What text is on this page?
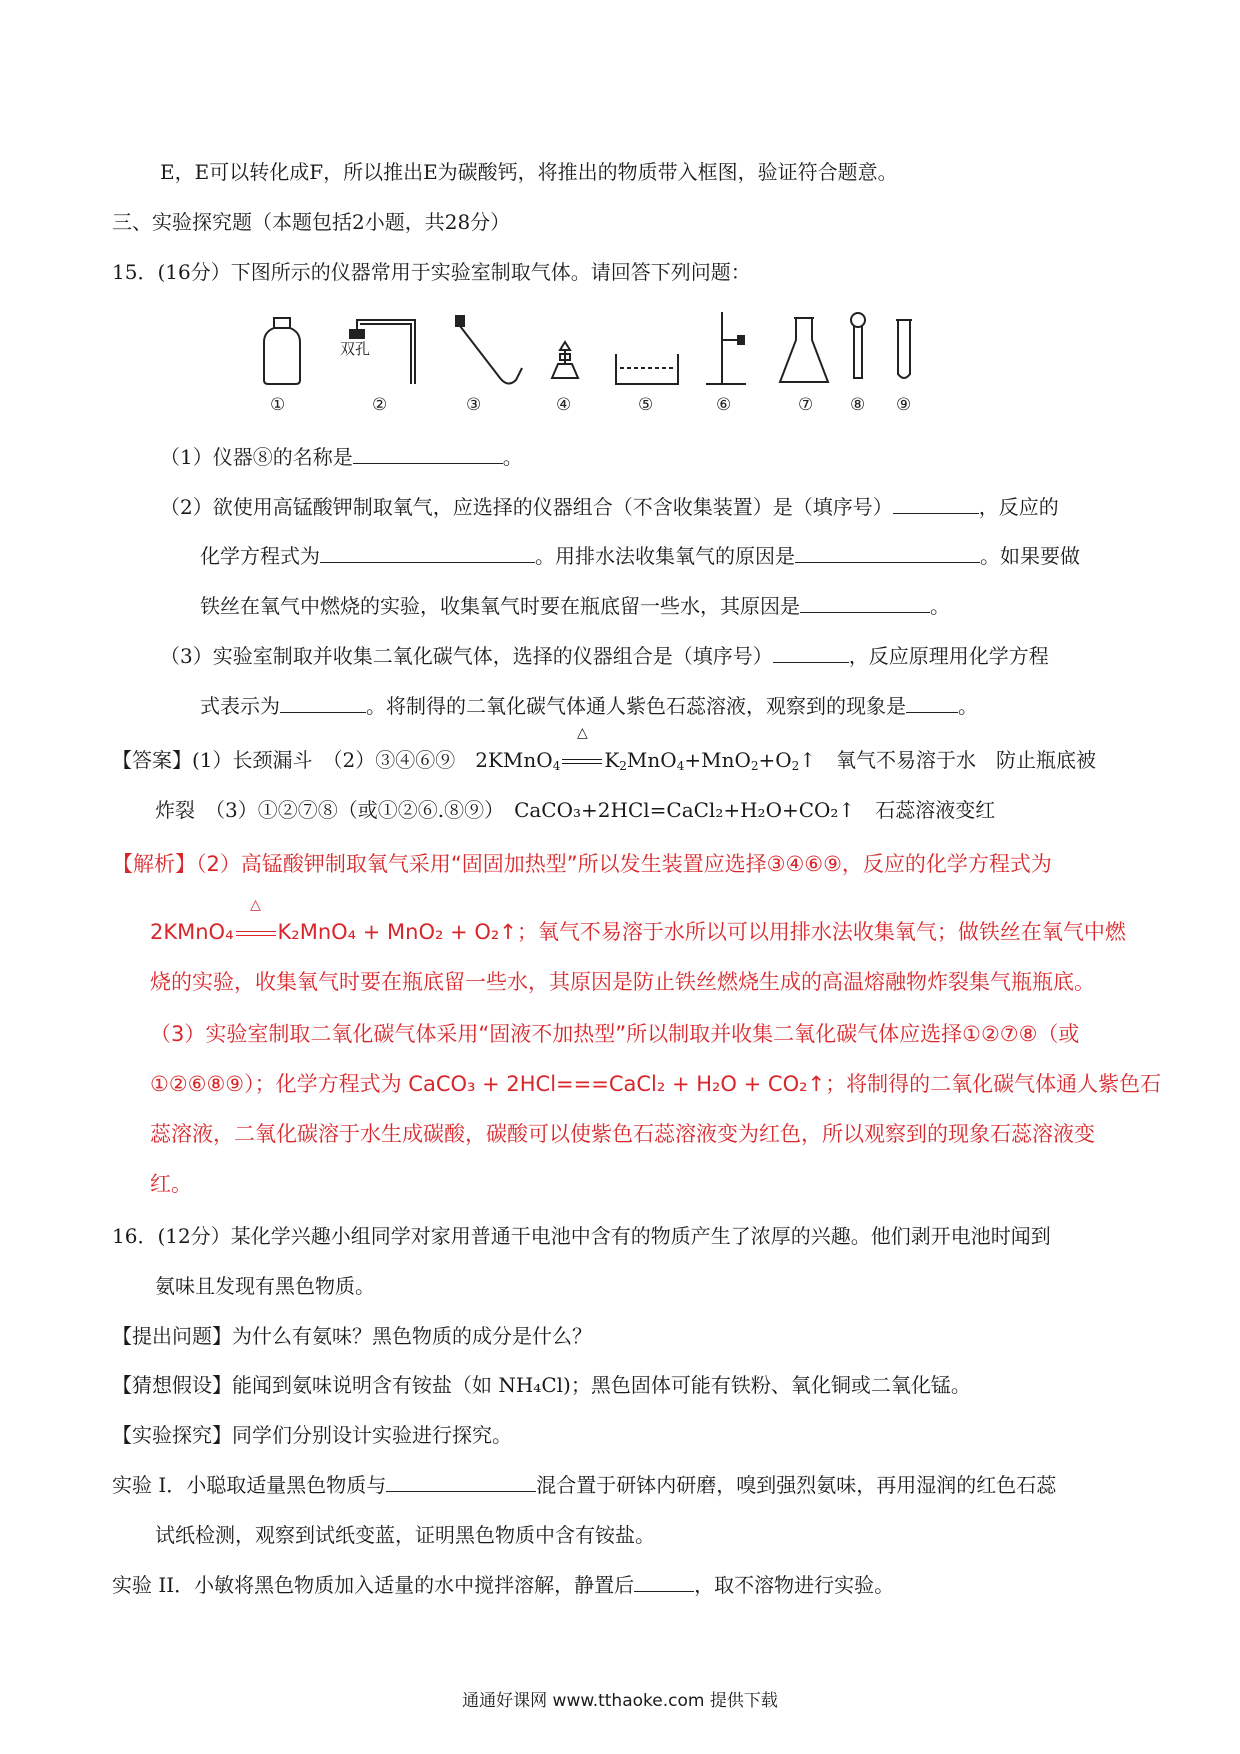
E，E可以转化成F，所以推出E为碳酸钙，将推出的物质带入框图，验证符合题意。
三、实验探究题（本题包括2小题，共28分）
15．(16分）下图所示的仪器常用于实验室制取气体。请回答下列问题：
双孔
①	②	③	④	⑤	⑥	⑦ ⑧ ⑨
（1）仪器⑧的名称是	。
（2）欲使用高锰酸钾制取氧气，应选择的仪器组合（不含收集装置）是（填序号）	，反应的
化学方程式为	。用排水法收集氧气的原因是	。如果要做
铁丝在氧气中燃烧的实验，收集氧气时要在瓶底留一些水，其原因是	。
（3）实验室制取并收集二氧化碳气体，选择的仪器组合是（填序号）	，反应原理用化学方程
式表示为	。将制得的二氧化碳气体通人紫色石蕊溶液，观察到的现象是	。
【答案】(1）长颈漏斗　（2）③④⑥⑨　2KMnO$_4$
△
$K_2MnO_4+MnO_2+O_2↑$　氧气不易溶于水　防止瓶底被
炸裂　（3）①②⑦⑧（或①②⑥.⑧⑨）　CaCO₃+2HCl=CaCl₂+H₂O+CO₂↑　石蕊溶液变红
【解析】（2）高锰酸钾制取氧气采用“固固加热型”所以发生装置应选择③④⑥⑨，反应的化学方程式为
2KMnO₄
△
K₂MnO₄ + MnO₂ + O₂↑；氧气不易溶于水所以可以用排水法收集氧气；做铁丝在氧气中燃
烧的实验，收集氧气时要在瓶底留一些水，其原因是防止铁丝燃烧生成的高温熔融物炸裂集气瓶瓶底。
（3）实验室制取二氧化碳气体采用“固液不加热型”所以制取并收集二氧化碳气体应选择①②⑦⑧（或
①②⑥⑧⑨）；化学方程式为 CaCO₃ + 2HCl===CaCl₂ + H₂O + CO₂↑；将制得的二氧化碳气体通人紫色石
蕊溶液，二氧化碳溶于水生成碳酸，碳酸可以使紫色石蕊溶液变为红色，所以观察到的现象石蕊溶液变
红。
16．(12分）某化学兴趣小组同学对家用普通干电池中含有的物质产生了浓厚的兴趣。他们剥开电池时闻到
氨味且发现有黑色物质。
【提出问题】为什么有氨味？黑色物质的成分是什么？
【猜想假设】能闻到氨味说明含有铵盐（如 NH₄Cl)；黑色固体可能有铁粉、氧化铜或二氧化锰。
【实验探究】同学们分别设计实验进行探究。
实验 I．小聪取适量黑色物质与	混合置于研钵内研磨，嗅到强烈氨味，再用湿润的红色石蕊
试纸检测，观察到试纸变蓝，证明黑色物质中含有铵盐。
实验 II．小敏将黑色物质加入适量的水中搅拌溶解，静置后	，取不溶物进行实验。
通通好课网 www.tthaoke.com 提供下载
